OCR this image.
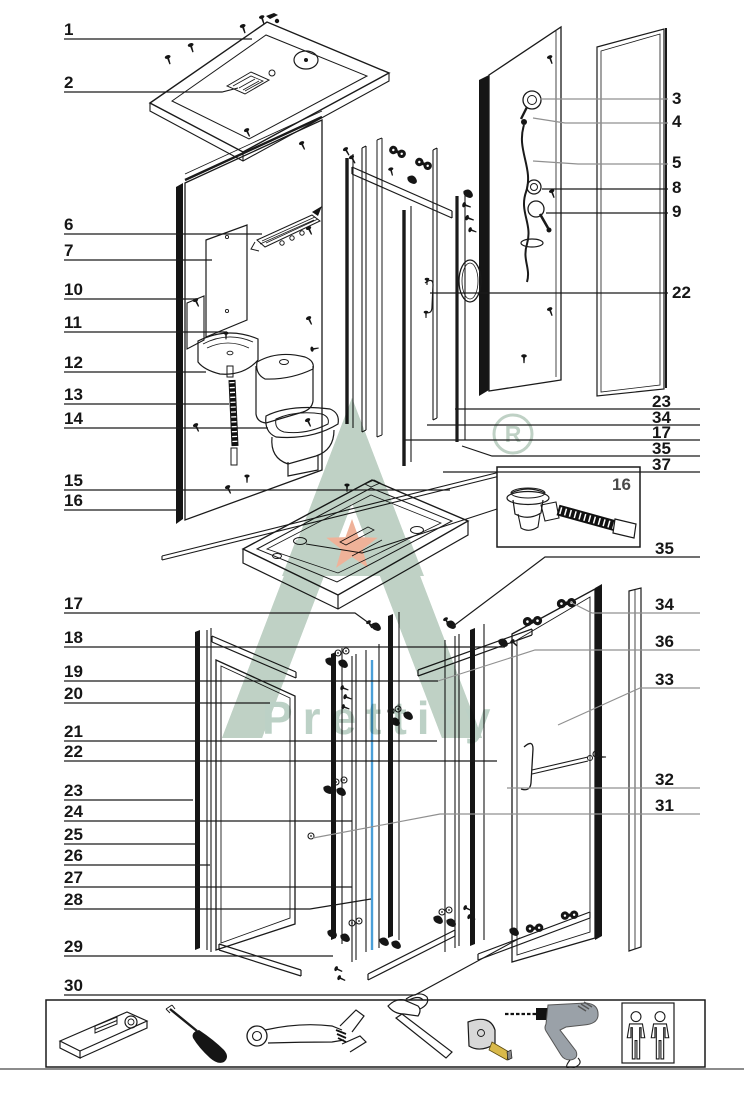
16
R
Prettify
1
2
6
7
10
11
12
13
14
15
16
17
18
19
20
21
22
23
24
25
26
27
28
29
30
3
4
5
8
9
22
23
34
17
35
37
35
34
36
33
32
31
